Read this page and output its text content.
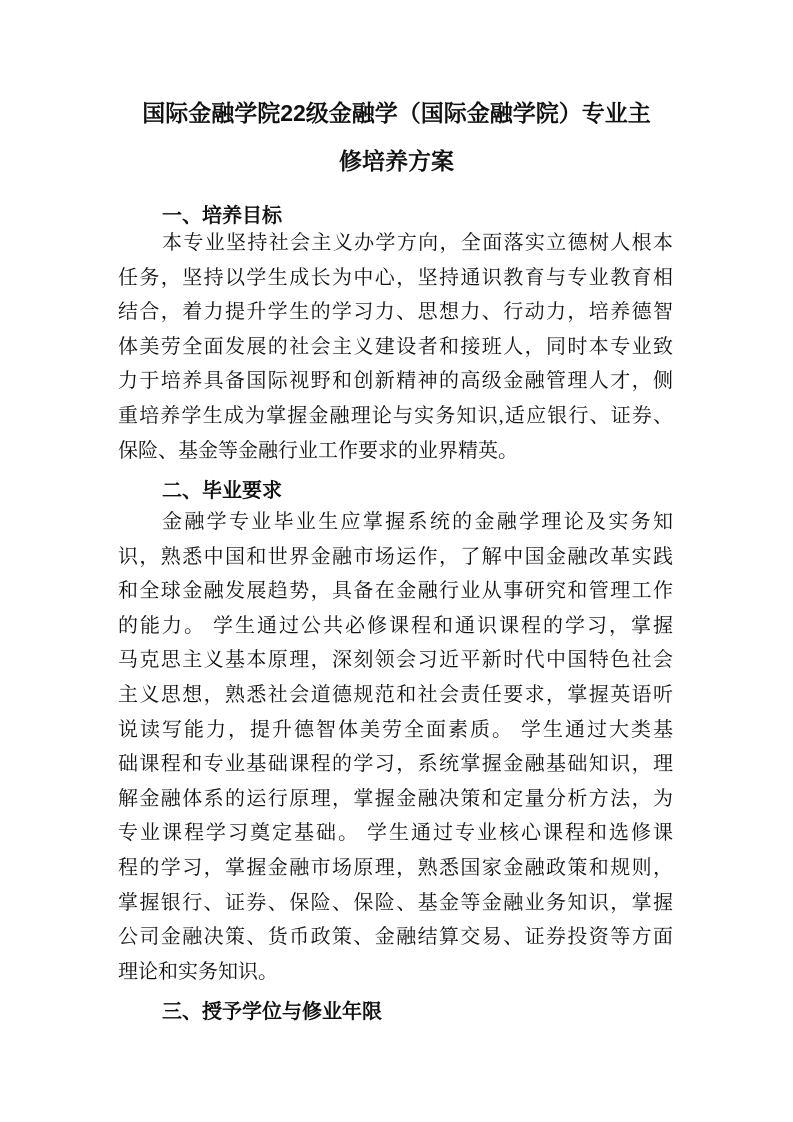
国际金融学院22级金融学（国际金融学院）专业主
修培养方案
一、培养目标
本专业坚持社会主义办学方向，全面落实立德树人根本
任务，坚持以学生成长为中心，坚持通识教育与专业教育相
结合，着力提升学生的学习力、思想力、行动力，培养德智
体美劳全面发展的社会主义建设者和接班人，同时本专业致
力于培养具备国际视野和创新精神的高级金融管理人才，侧
重培养学生成为掌握金融理论与实务知识,适应银行、证券、
保险、基金等金融行业工作要求的业界精英。
二、毕业要求
金融学专业毕业生应掌握系统的金融学理论及实务知
识，熟悉中国和世界金融市场运作，了解中国金融改革实践
和全球金融发展趋势，具备在金融行业从事研究和管理工作
的能力。 学生通过公共必修课程和通识课程的学习，掌握
马克思主义基本原理，深刻领会习近平新时代中国特色社会
主义思想，熟悉社会道德规范和社会责任要求，掌握英语听
说读写能力，提升德智体美劳全面素质。 学生通过大类基
础课程和专业基础课程的学习，系统掌握金融基础知识，理
解金融体系的运行原理，掌握金融决策和定量分析方法，为
专业课程学习奠定基础。 学生通过专业核心课程和选修课
程的学习，掌握金融市场原理，熟悉国家金融政策和规则，
掌握银行、证券、保险、保险、基金等金融业务知识，掌握
公司金融决策、货币政策、金融结算交易、证券投资等方面
理论和实务知识。
三、授予学位与修业年限
